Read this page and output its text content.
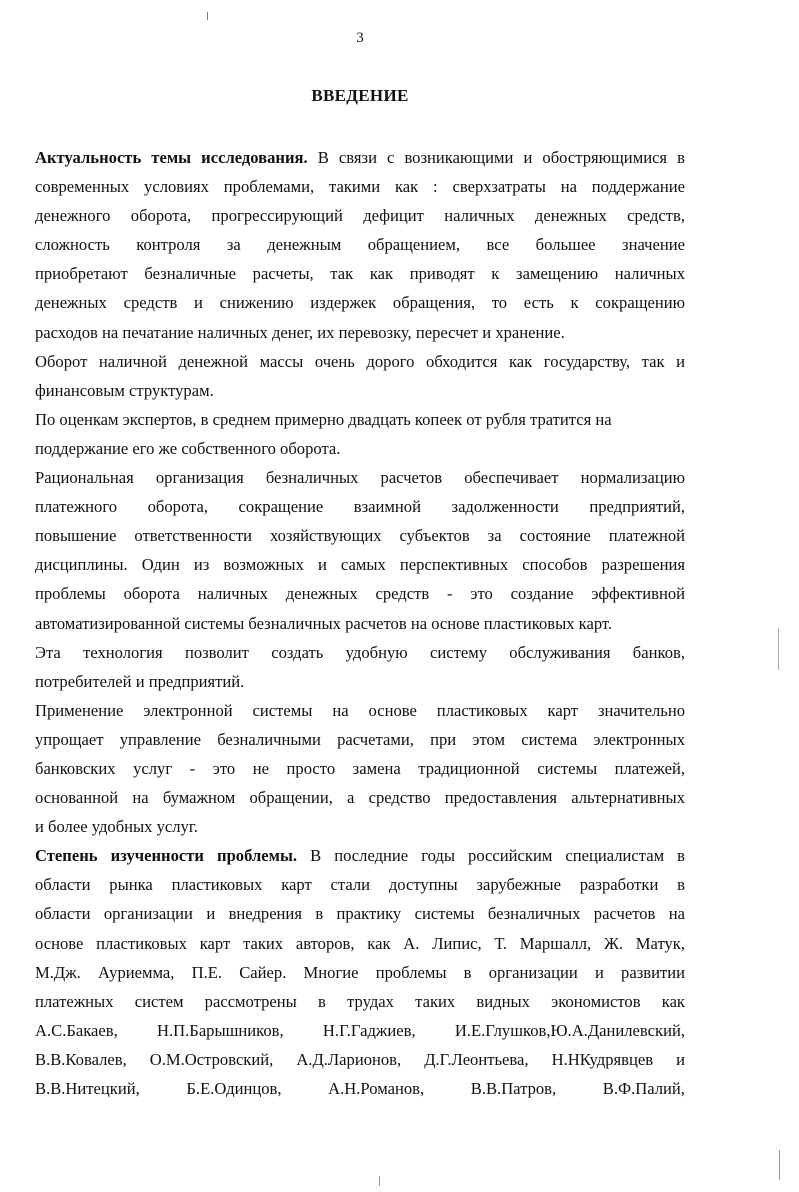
3
ВВЕДЕНИЕ

Актуальность темы исследования. В связи с возникающими и обостряющимися в
современных условиях проблемами, такими как : сверхзатраты на поддержание
денежного оборота, прогрессирующий дефицит наличных денежных средств,
сложность контроля за денежным обращением, все большее значение
приобретают безналичные расчеты, так как приводят к замещению наличных
денежных средств и снижению издержек обращения, то есть к сокращению
расходов на печатание наличных денег, их перевозку, пересчет и хранение.

Оборот наличной денежной массы очень дорого обходится как государству, так и
финансовым структурам.

По оценкам экспертов, в среднем примерно двадцать копеек от рубля тратится на
поддержание его же собственного оборота.

Рациональная организация безналичных расчетов обеспечивает нормализацию
платежного оборота, сокращение взаимной задолженности предприятий,
повышение ответственности хозяйствующих субъектов за состояние платежной
дисциплины. Один из возможных и самых перспективных способов разрешения
проблемы оборота наличных денежных средств - это создание эффективной
автоматизированной системы безналичных расчетов на основе пластиковых карт.

Эта технология позволит создать удобную систему обслуживания банков,
потребителей и предприятий.

Применение электронной системы на основе пластиковых карт значительно
упрощает управление безналичными расчетами, при этом система электронных
банковских услуг - это не просто замена традиционной системы платежей,
основанной на бумажном обращении, а средство предоставления альтернативных
и более удобных услуг.

Степень изученности проблемы. В последние годы российским специалистам в
области рынка пластиковых карт стали доступны зарубежные разработки в
области организации и внедрения в практику системы безналичных расчетов на
основе пластиковых карт таких авторов, как А. Липис, Т. Маршалл, Ж. Матук,
М.Дж. Ауриемма, П.Е. Сайер. Многие проблемы в организации и развитии
платежных систем рассмотрены в трудах таких видных экономистов как
А.С.Бакаев, Н.П.Барышников, Н.Г.Гаджиев, И.Е.Глушков,Ю.А.Данилевский,
В.В.Ковалев, О.М.Островский, А.Д.Ларионов, Д.Г.Леонтьева, Н.НКудрявцев и
В.В.Нитецкий,	Б.Е.Одинцов,	А.Н.Романов,	В.В.Патров,	В.Ф.Палий,
